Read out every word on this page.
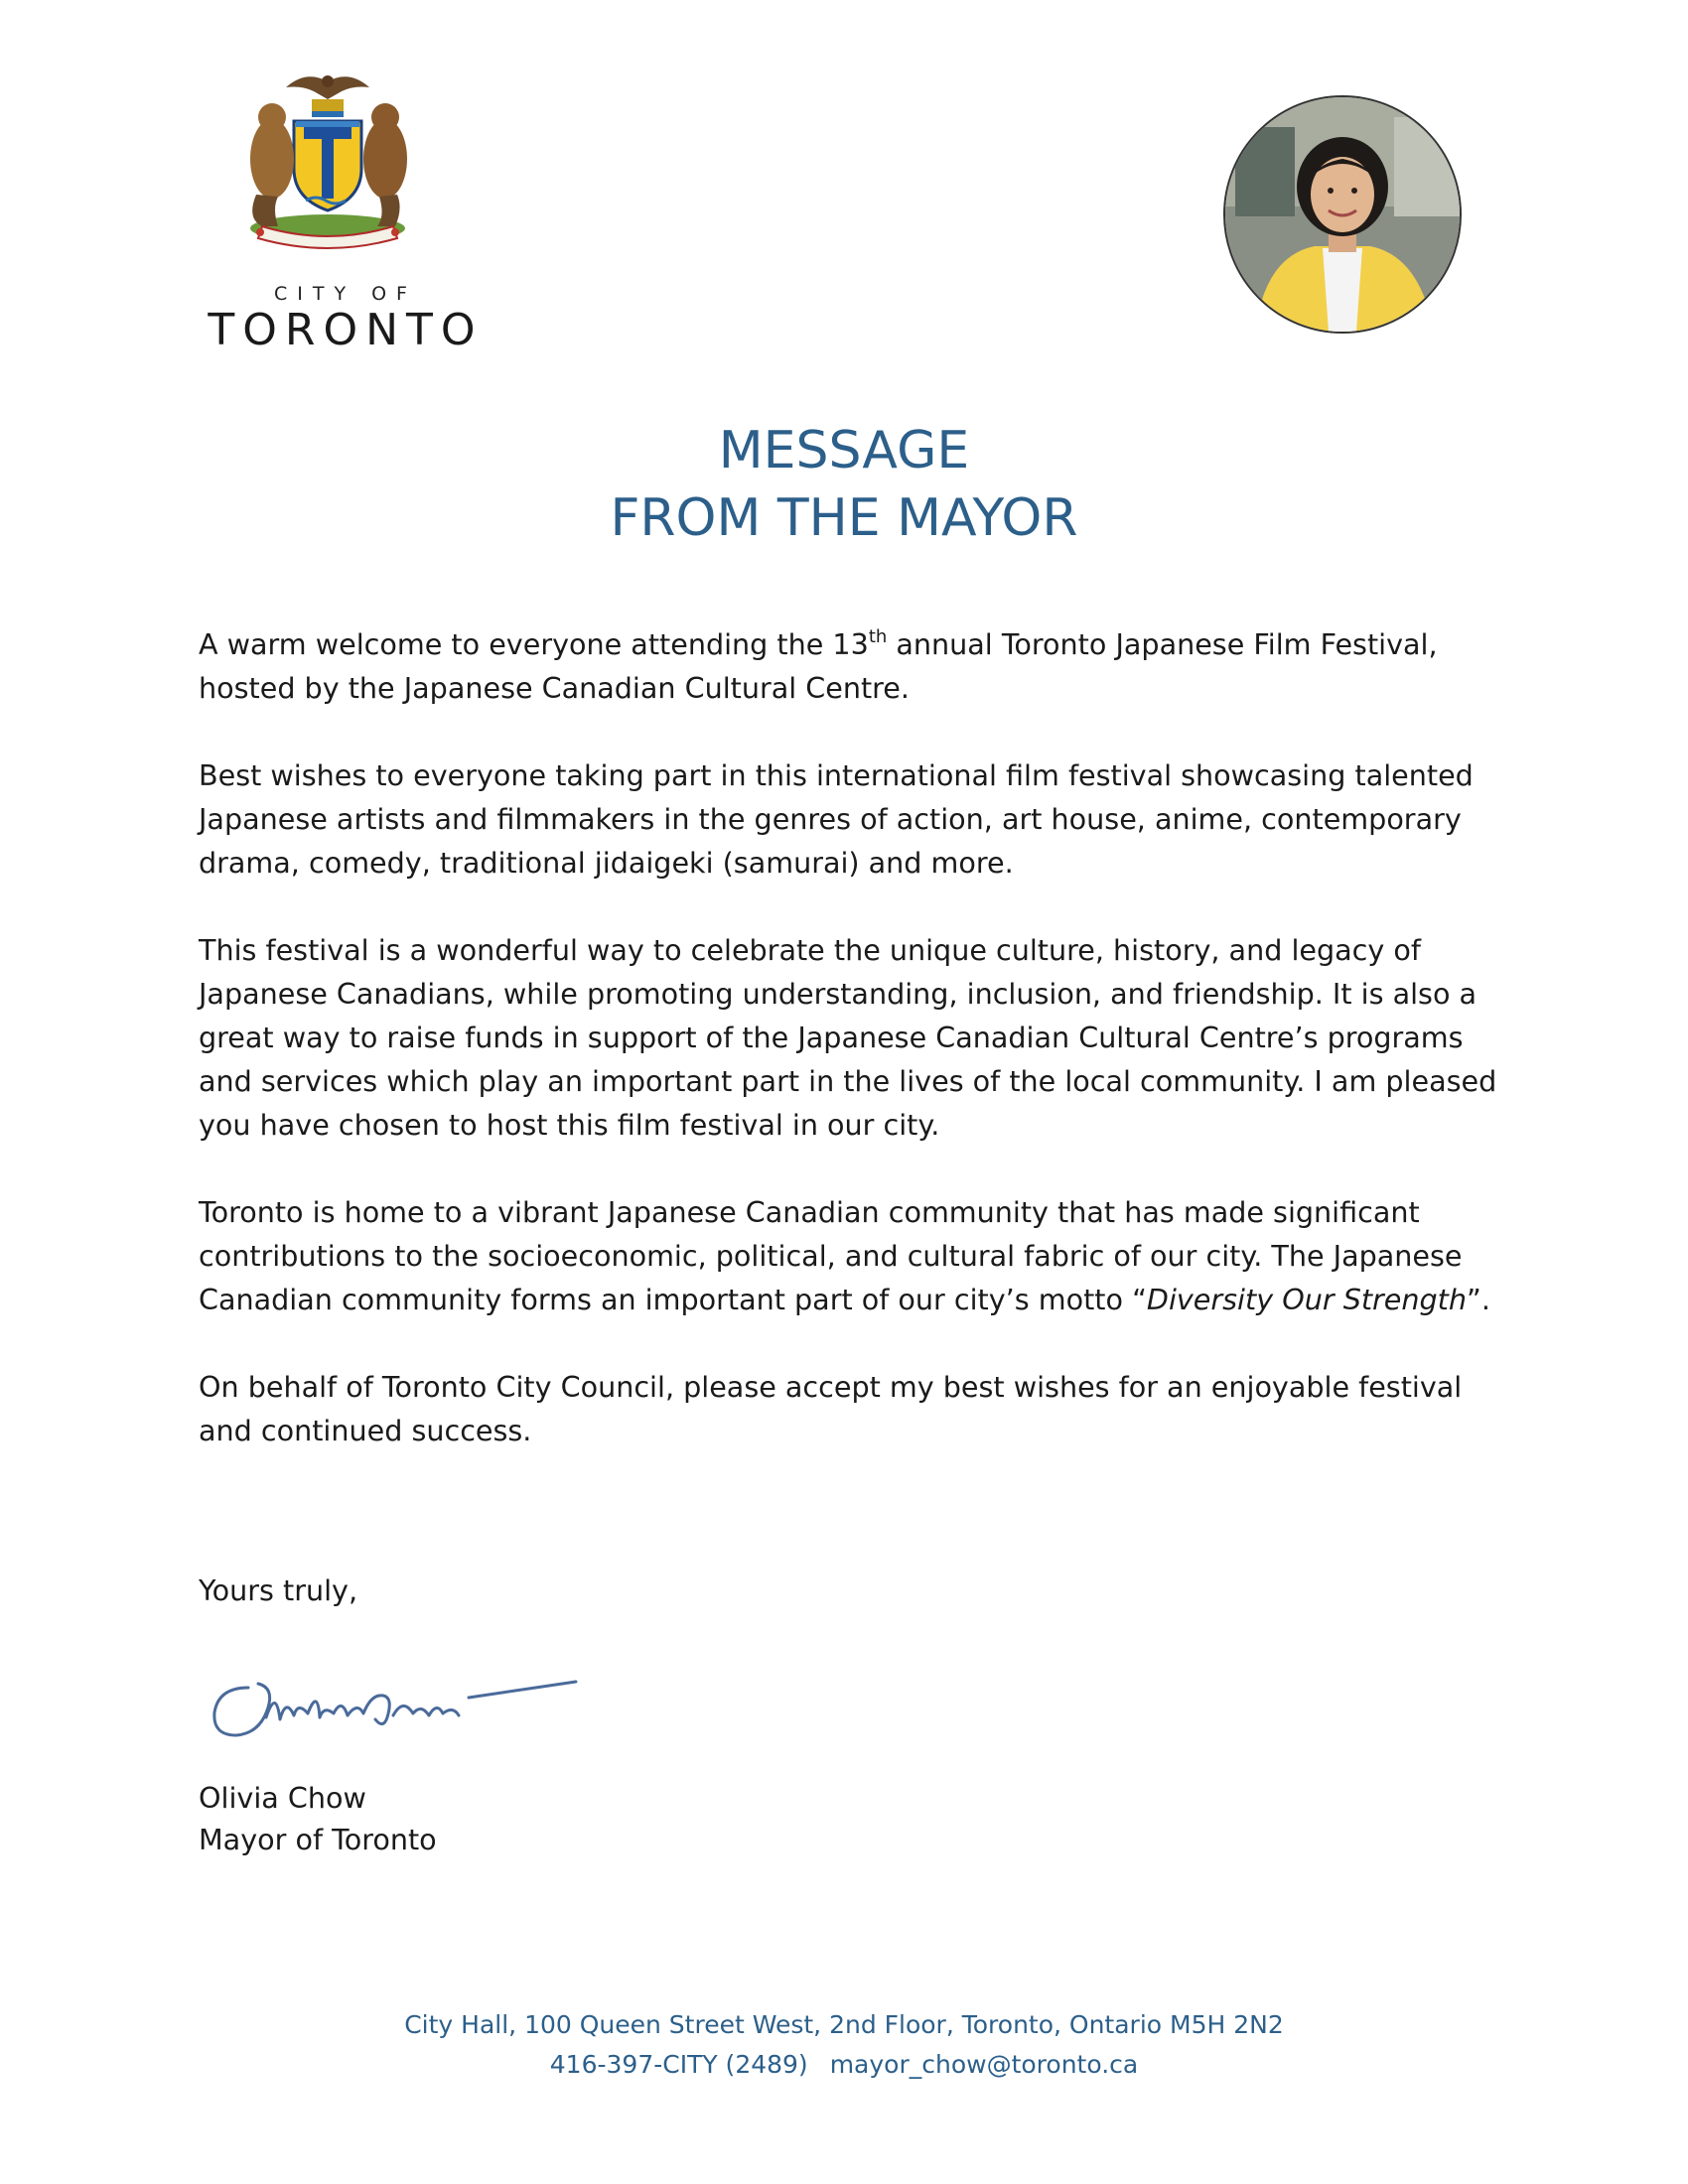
CITY OF
TORONTO
MESSAGE
FROM THE MAYOR

A warm welcome to everyone attending the 13th annual Toronto Japanese Film Festival, hosted by the Japanese Canadian Cultural Centre.

Best wishes to everyone taking part in this international film festival showcasing talented Japanese artists and filmmakers in the genres of action, art house, anime, contemporary drama, comedy, traditional jidaigeki (samurai) and more.

This festival is a wonderful way to celebrate the unique culture, history, and legacy of Japanese Canadians, while promoting understanding, inclusion, and friendship. It is also a great way to raise funds in support of the Japanese Canadian Cultural Centre’s programs and services which play an important part in the lives of the local community. I am pleased you have chosen to host this film festival in our city.

Toronto is home to a vibrant Japanese Canadian community that has made significant contributions to the socioeconomic, political, and cultural fabric of our city. The Japanese Canadian community forms an important part of our city’s motto “Diversity Our Strength”.

On behalf of Toronto City Council, please accept my best wishes for an enjoyable festival and continued success.

Yours truly,
Olivia Chow
Mayor of Toronto
City Hall, 100 Queen Street West, 2nd Floor, Toronto, Ontario M5H 2N2
416-397-CITY (2489) mayor_chow@toronto.ca
